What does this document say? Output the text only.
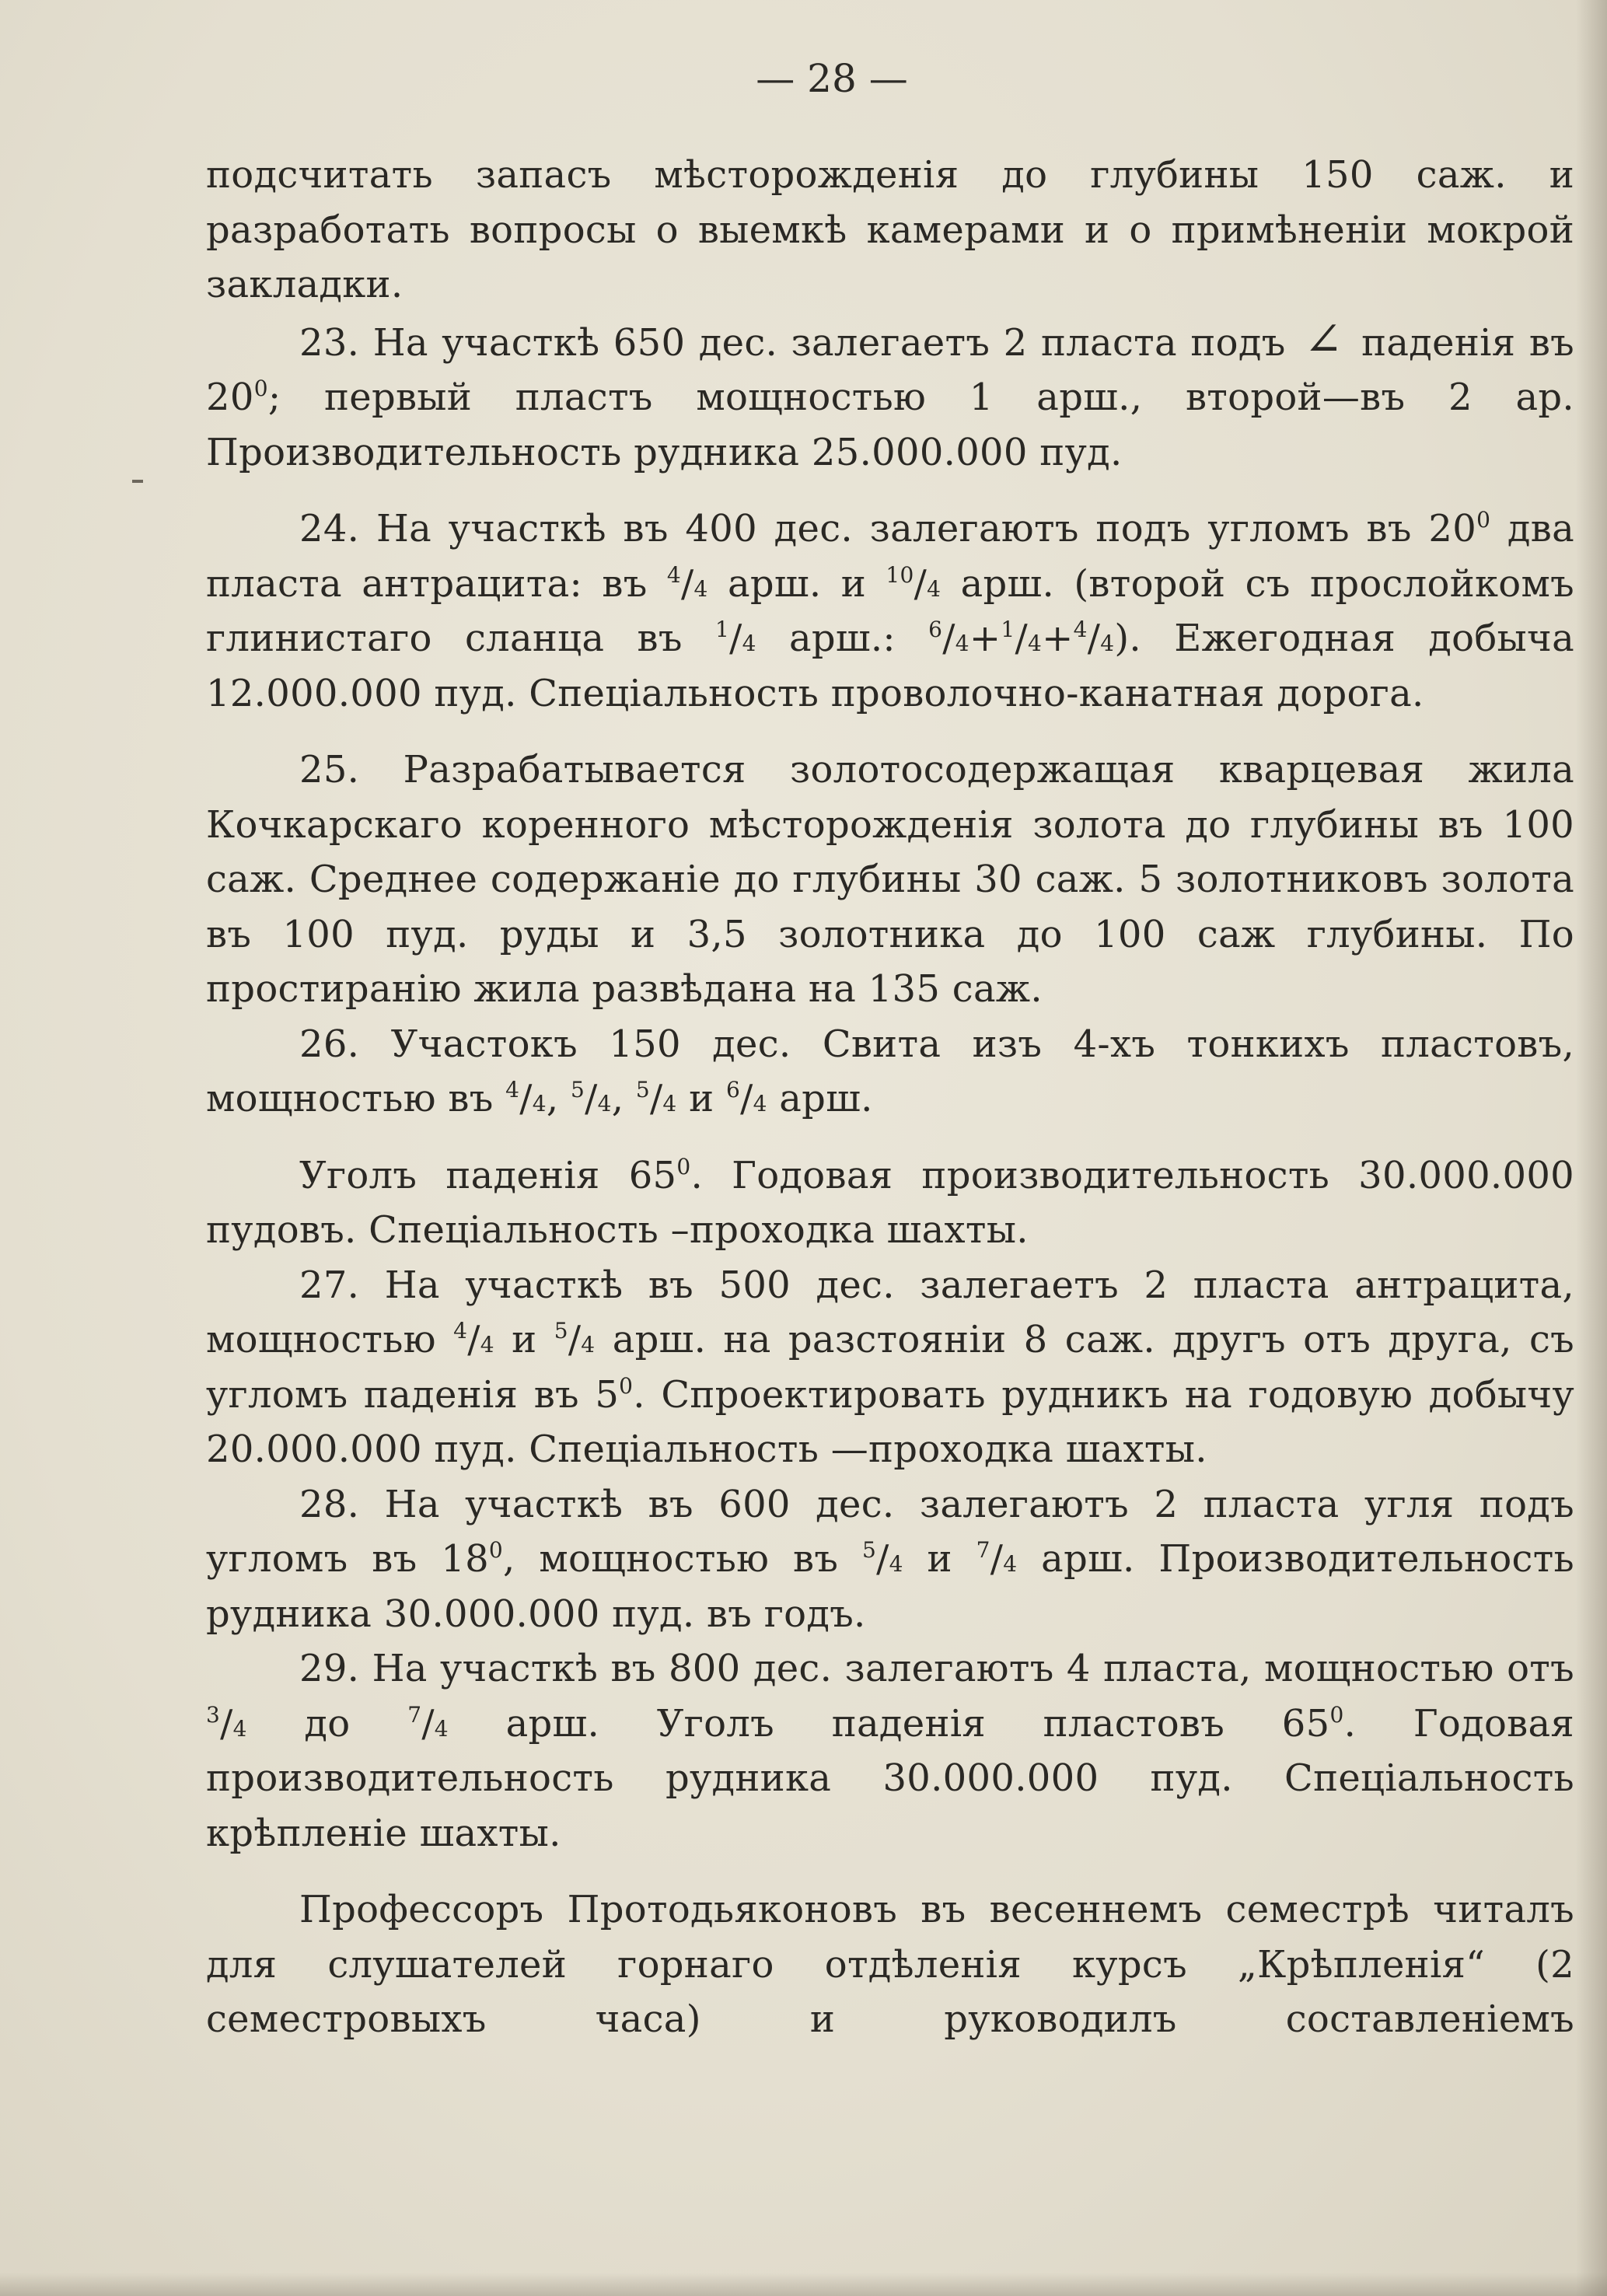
— 28 —

подсчитать запасъ мѣсторожденія до глубины 150 саж. и разработать вопросы о выемкѣ камерами и о примѣненіи мокрой закладки.

23. На участкѣ 650 дес. залегаетъ 2 пласта подъ ∠ паденія въ $20^0$; первый пластъ мощностью 1 арш., второй—въ 2 ар. Производительность рудника 25.000.000 пуд.

24. На участкѣ въ 400 дес. залегаютъ подъ угломъ въ $20^0$ два пласта антрацита: въ $^4$/4 арш. и $^{10}$/4 арш. (второй съ прослойкомъ глинистаго сланца въ $^1$/4 арш.: $^6$/4+$^1$/4+$^4$/4). Ежегодная добыча 12.000.000 пуд. Спеціальность проволочно-канатная дорога.

25. Разрабатывается золотосодержащая кварцевая жила Кочкарскаго коренного мѣсторожденія золота до глубины въ 100 саж. Среднее содержаніе до глубины 30 саж. 5 золотниковъ золота въ 100 пуд. руды и 3,5 золотника до 100 саж глубины. По простиранію жила развѣдана на 135 саж.

26. Участокъ 150 дес. Свита изъ 4-хъ тонкихъ пластовъ, мощностью въ $^4$/4, $^5$/4, $^5$/4 и $^6$/4 арш.

Уголъ паденія $65^0$. Годовая производительность 30.000.000 пудовъ. Спеціальность –проходка шахты.

27. На участкѣ въ 500 дес. залегаетъ 2 пласта антрацита, мощностью $^4$/4 и $^5$/4 арш. на разстояніи 8 саж. другъ отъ друга, съ угломъ паденія въ $5^0$. Спроектировать рудникъ на годовую добычу 20.000.000 пуд. Спеціальность —проходка шахты.

28. На участкѣ въ 600 дес. залегаютъ 2 пласта угля подъ угломъ въ $18^0$, мощностью въ $^5$/4 и $^7$/4 арш. Производительность рудника 30.000.000 пуд. въ годъ.

29. На участкѣ въ 800 дес. залегаютъ 4 пласта, мощностью отъ $^3$/4 до $^7$/4 арш. Уголъ паденія пластовъ $65^0$. Годовая производительность рудника 30.000.000 пуд. Спеціальность крѣпленіе шахты.

Профессоръ Протодьяконовъ въ весеннемъ семестрѣ читалъ для слушателей горнаго отдѣленія курсъ „Крѣпленія“ (2 семестровыхъ часа) и руководилъ составленіемъ
